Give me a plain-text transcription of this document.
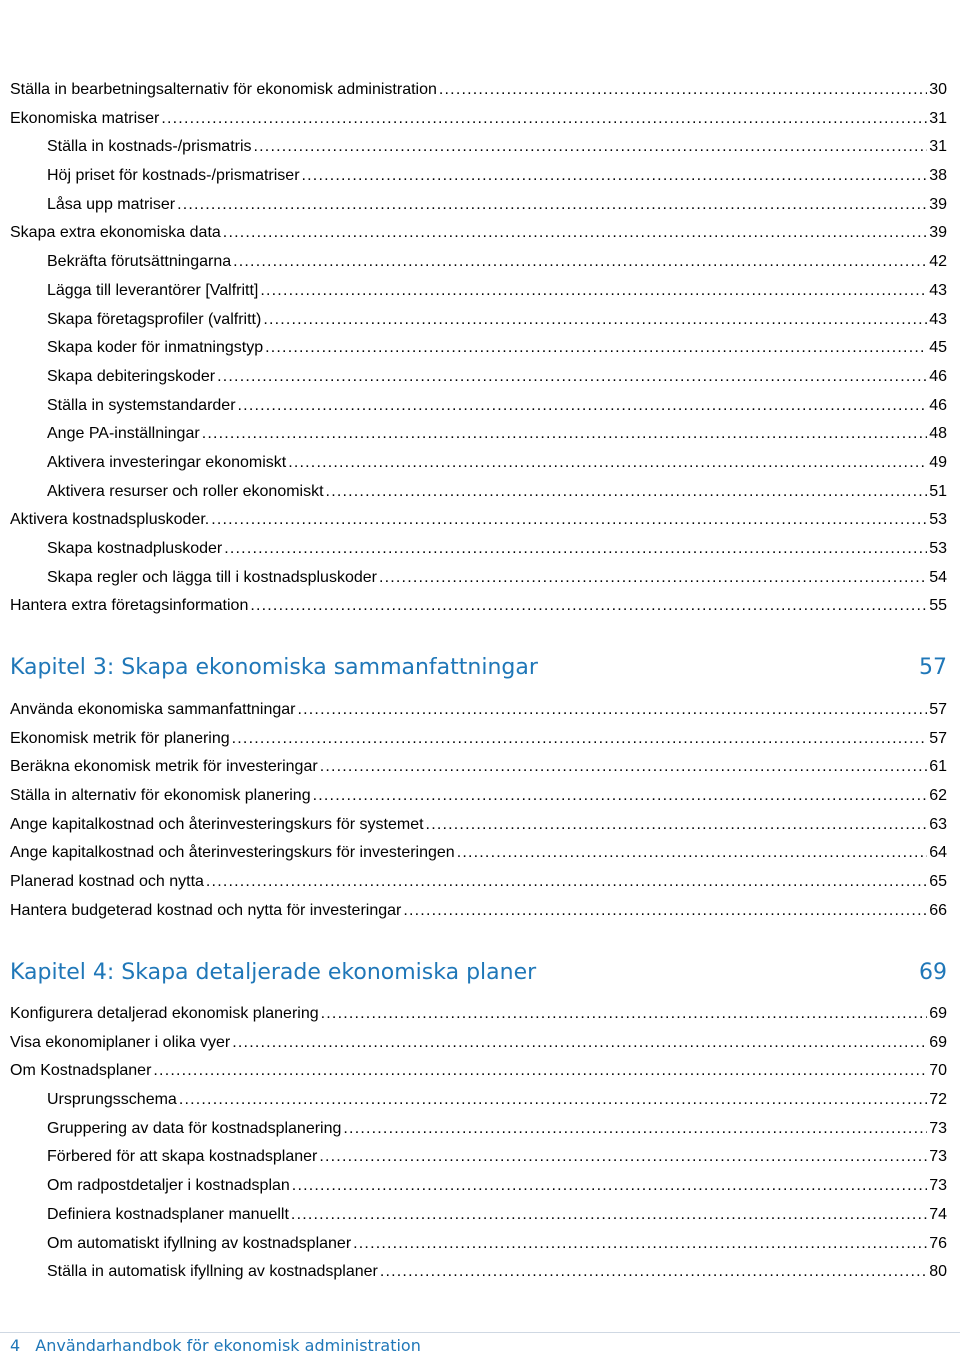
Ställa in bearbetningsalternativ för ekonomisk administration .....	30
Ekonomiska matriser .....	31
Ställa in kostnads-/prismatris .....	31
Höj priset för kostnads-/prismatriser .....	38
Låsa upp matriser .....	39
Skapa extra ekonomiska data .....	39
Bekräfta förutsättningarna .....	42
Lägga till leverantörer [Valfritt] .....	43
Skapa företagsprofiler (valfritt) .....	43
Skapa koder för inmatningstyp .....	45
Skapa debiteringskoder .....	46
Ställa in systemstandarder .....	46
Ange PA-inställningar .....	48
Aktivera investeringar ekonomiskt .....	49
Aktivera resurser och roller ekonomiskt .....	51
Aktivera kostnadspluskoder. .....	53
Skapa kostnadpluskoder .....	53
Skapa regler och lägga till i kostnadspluskoder .....	54
Hantera extra företagsinformation .....	55
Kapitel 3: Skapa ekonomiska sammanfattningar	57
Använda ekonomiska sammanfattningar .....	57
Ekonomisk metrik för planering .....	57
Beräkna ekonomisk metrik för investeringar .....	61
Ställa in alternativ för ekonomisk planering .....	62
Ange kapitalkostnad och återinvesteringskurs för systemet .....	63
Ange kapitalkostnad och återinvesteringskurs för investeringen .....	64
Planerad kostnad och nytta .....	65
Hantera budgeterad kostnad och nytta för investeringar .....	66
Kapitel 4: Skapa detaljerade ekonomiska planer	69
Konfigurera detaljerad ekonomisk planering .....	69
Visa ekonomiplaner i olika vyer .....	69
Om Kostnadsplaner .....	70
Ursprungsschema .....	72
Gruppering av data för kostnadsplanering .....	73
Förbered för att skapa kostnadsplaner .....	73
Om radpostdetaljer i kostnadsplan .....	73
Definiera kostnadsplaner manuellt .....	74
Om automatiskt ifyllning av kostnadsplaner .....	76
Ställa in automatisk ifyllning av kostnadsplaner .....	80
4 Användarhandbok för ekonomisk administration
